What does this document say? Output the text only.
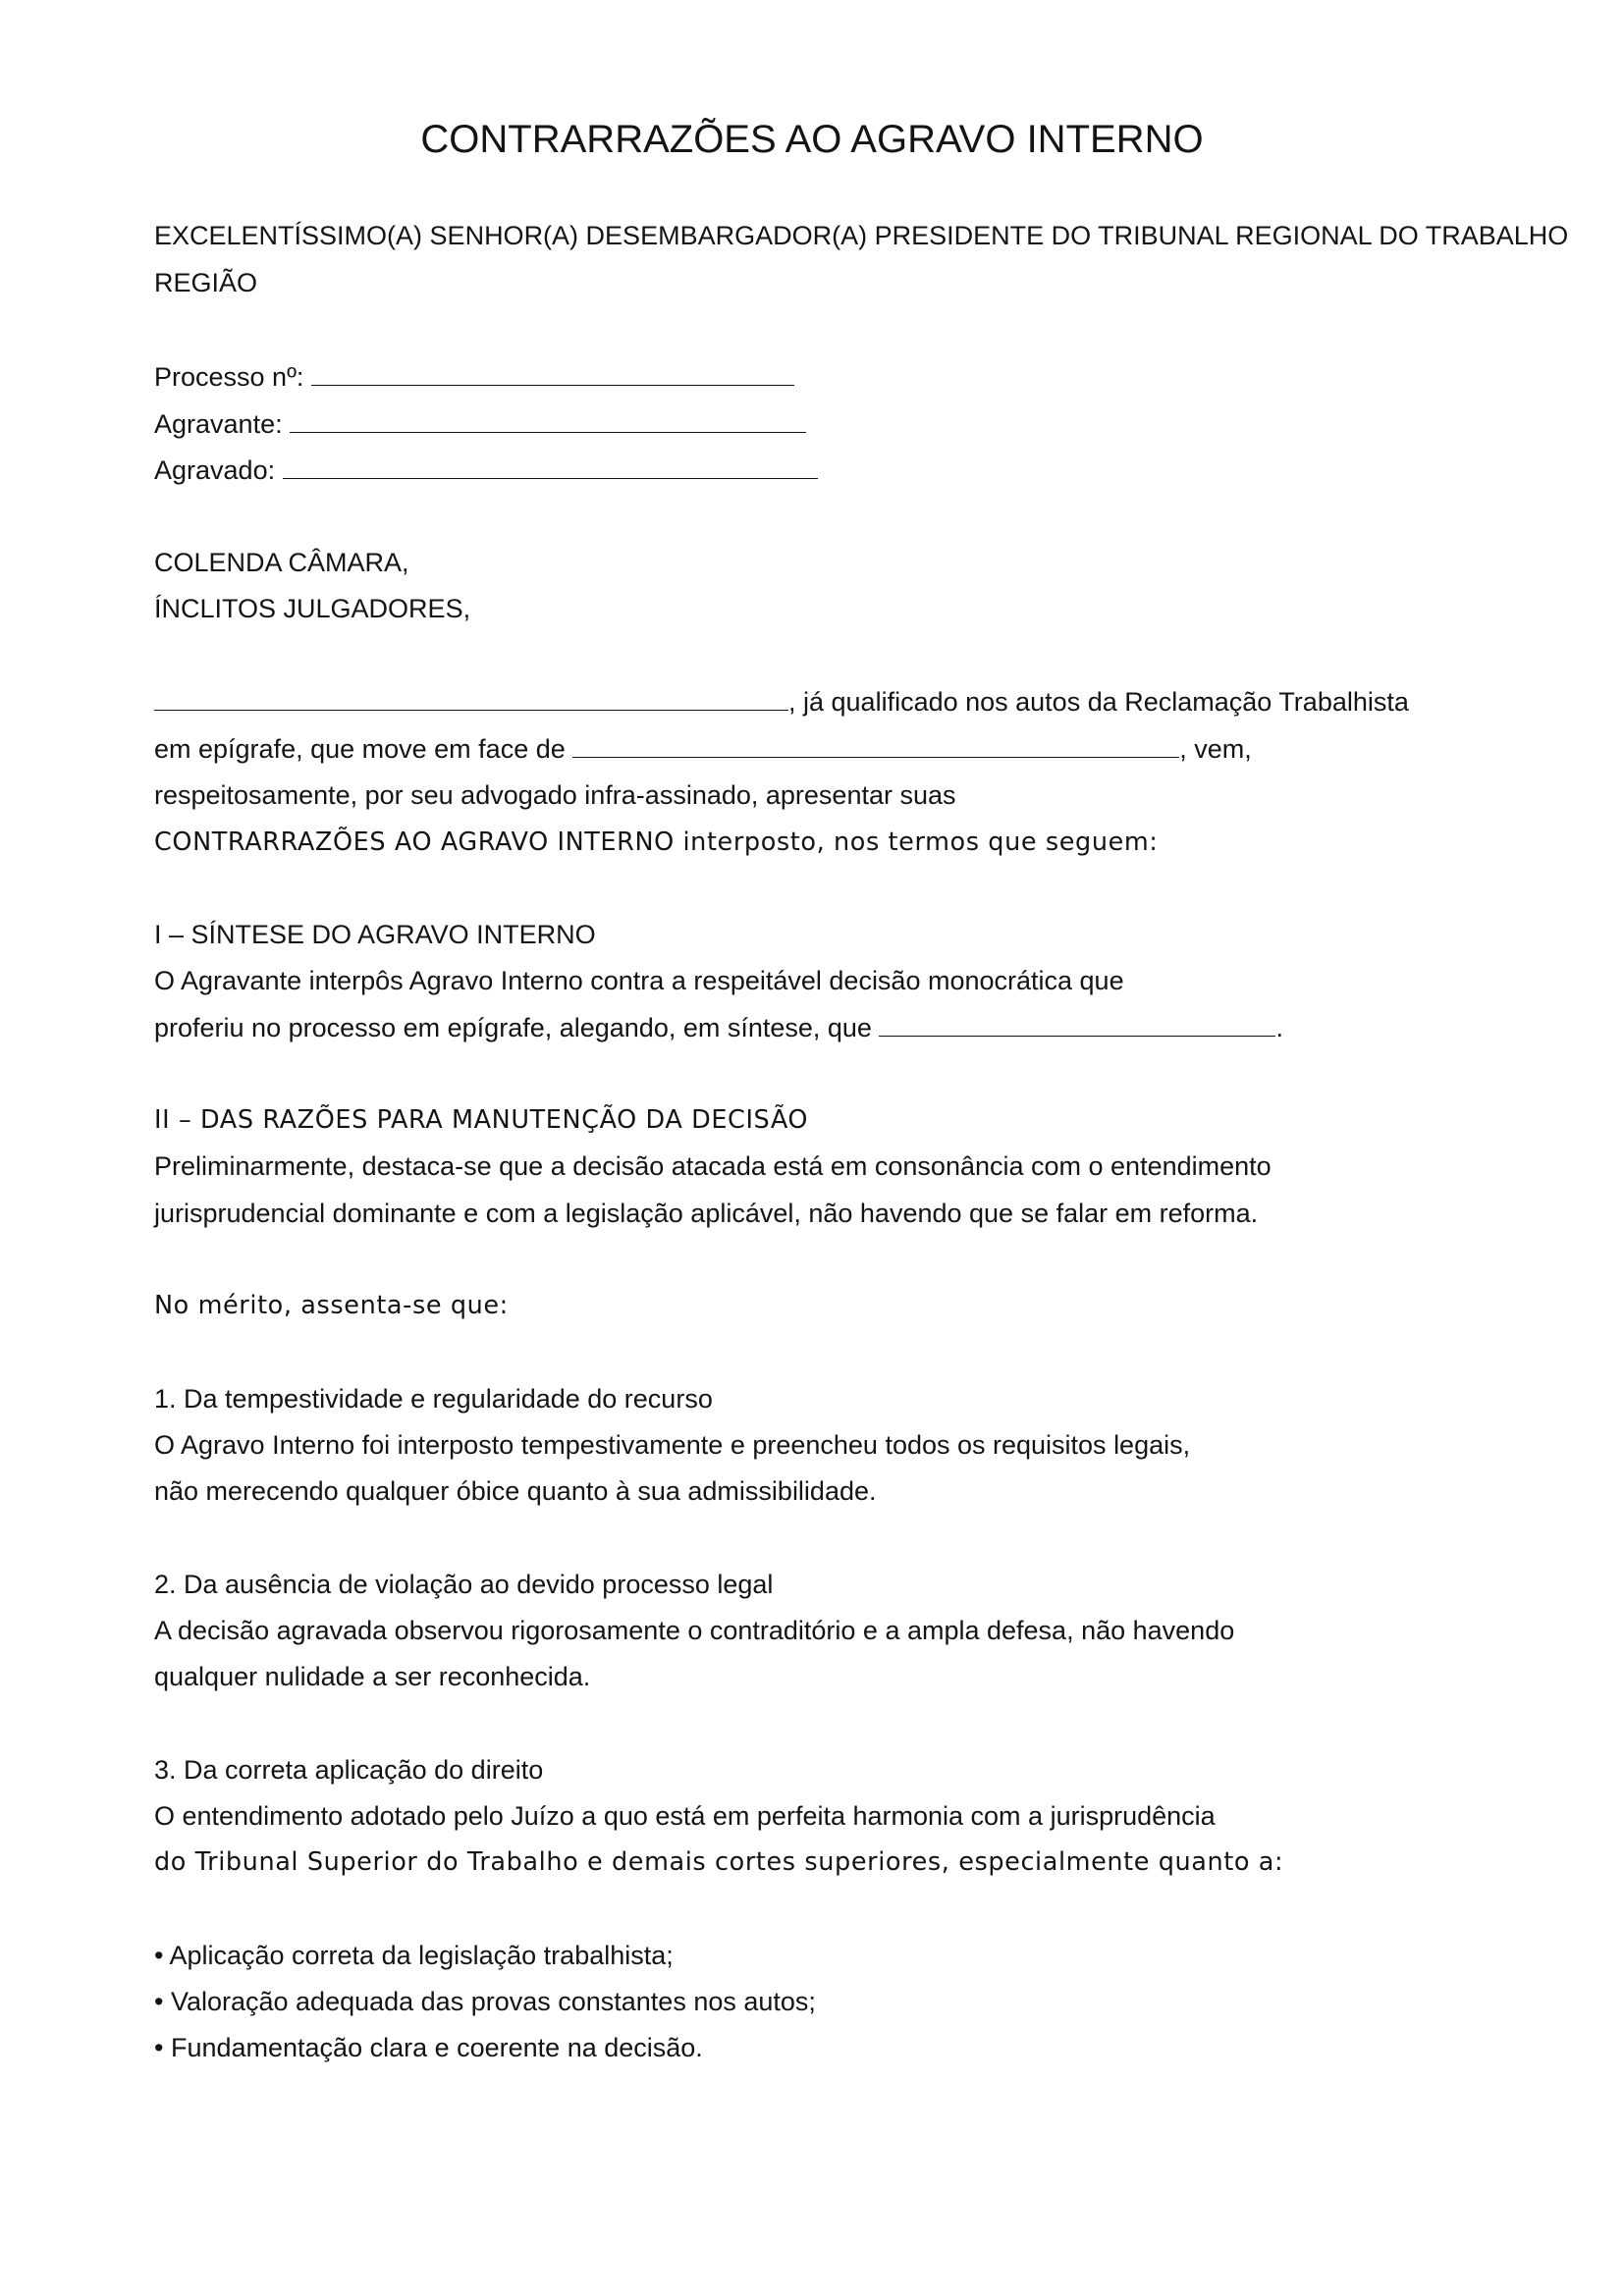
CONTRARRAZÕES AO AGRAVO INTERNO

EXCELENTÍSSIMO(A) SENHOR(A) DESEMBARGADOR(A) PRESIDENTE DO TRIBUNAL REGIONAL DO TRABALHO

REGIÃO

Processo nº:

Agravante:

Agravado:

COLENDA CÂMARA,

ÍNCLITOS JULGADORES,

, já qualificado nos autos da Reclamação Trabalhista

em epígrafe, que move em face de	, vem,

respeitosamente, por seu advogado infra-assinado, apresentar suas

CONTRARRAZÕES AO AGRAVO INTERNO interposto, nos termos que seguem:

I – SÍNTESE DO AGRAVO INTERNO

O Agravante interpôs Agravo Interno contra a respeitável decisão monocrática que

proferiu no processo em epígrafe, alegando, em síntese, que	.

II – DAS RAZÕES PARA MANUTENÇÃO DA DECISÃO

Preliminarmente, destaca-se que a decisão atacada está em consonância com o entendimento

jurisprudencial dominante e com a legislação aplicável, não havendo que se falar em reforma.

No mérito, assenta-se que:

1. Da tempestividade e regularidade do recurso

O Agravo Interno foi interposto tempestivamente e preencheu todos os requisitos legais,

não merecendo qualquer óbice quanto à sua admissibilidade.

2. Da ausência de violação ao devido processo legal

A decisão agravada observou rigorosamente o contraditório e a ampla defesa, não havendo

qualquer nulidade a ser reconhecida.

3. Da correta aplicação do direito

O entendimento adotado pelo Juízo a quo está em perfeita harmonia com a jurisprudência

do Tribunal Superior do Trabalho e demais cortes superiores, especialmente quanto a:

• Aplicação correta da legislação trabalhista;

• Valoração adequada das provas constantes nos autos;

• Fundamentação clara e coerente na decisão.
